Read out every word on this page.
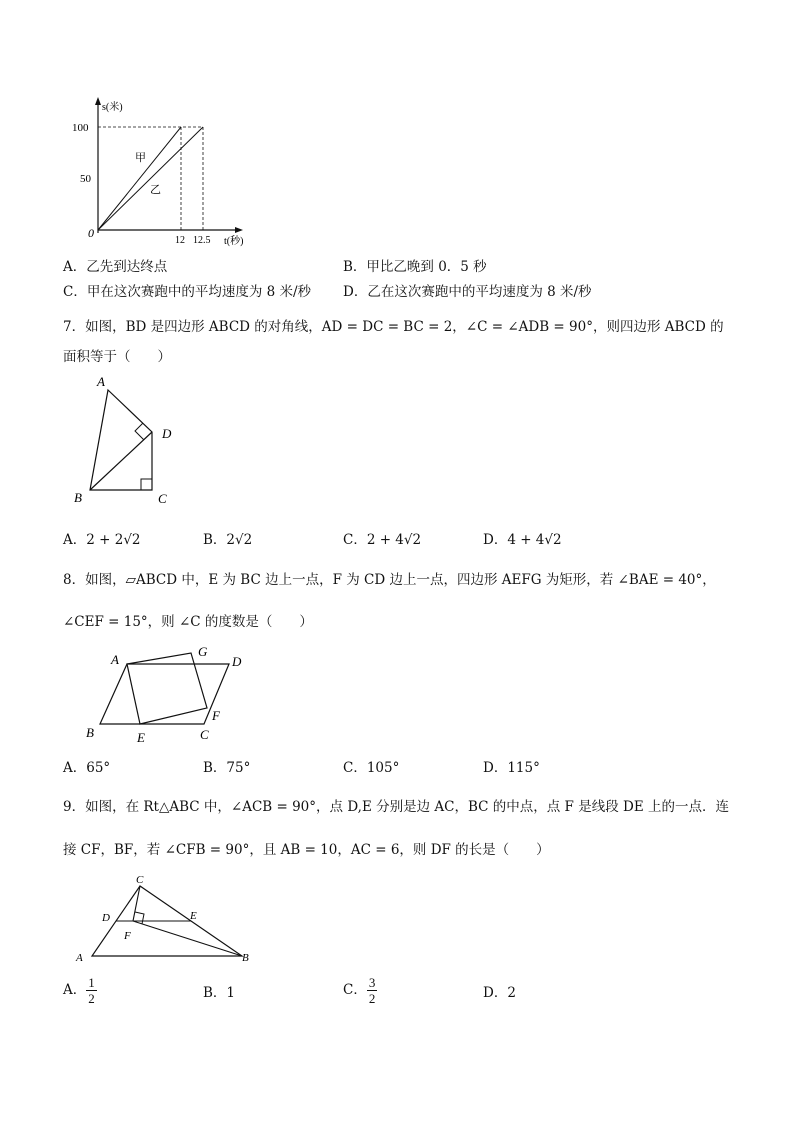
s(米)
100
50
0
12 12.5 t(秒)
甲
乙
A．乙先到达终点	B．甲比乙晚到 0．5 秒
C．甲在这次赛跑中的平均速度为 8 米/秒 D．乙在这次赛跑中的平均速度为 8 米/秒
7．如图，BD 是四边形 ABCD 的对角线，AD = DC = BC = 2，∠C = ∠ADB = 90°，则四边形 ABCD 的
面积等于（　　）
A
D
B	C
A．2 + 2√2	B．2√2	C．2 + 4√2	D．4 + 4√2
8．如图，▱ABCD 中，E 为 BC 边上一点，F 为 CD 边上一点，四边形 AEFG 为矩形，若 ∠BAE = 40°，
∠CEF = 15°，则 ∠C 的度数是（　　）
A
G
D
F
B	E	C
A．65°	B．75°	C．105°	D．115°
9．如图，在 Rt△ABC 中，∠ACB = 90°，点 D,E 分别是边 AC，BC 的中点，点 F 是线段 DE 上的一点．连
接 CF，BF，若 ∠CFB = 90°，且 AB = 10，AC = 6，则 DF 的长是（　　）
C
D	E
F
A	B
A． $\frac{1}{2}$	B．1	C． $\frac{3}{2}$	D．2
